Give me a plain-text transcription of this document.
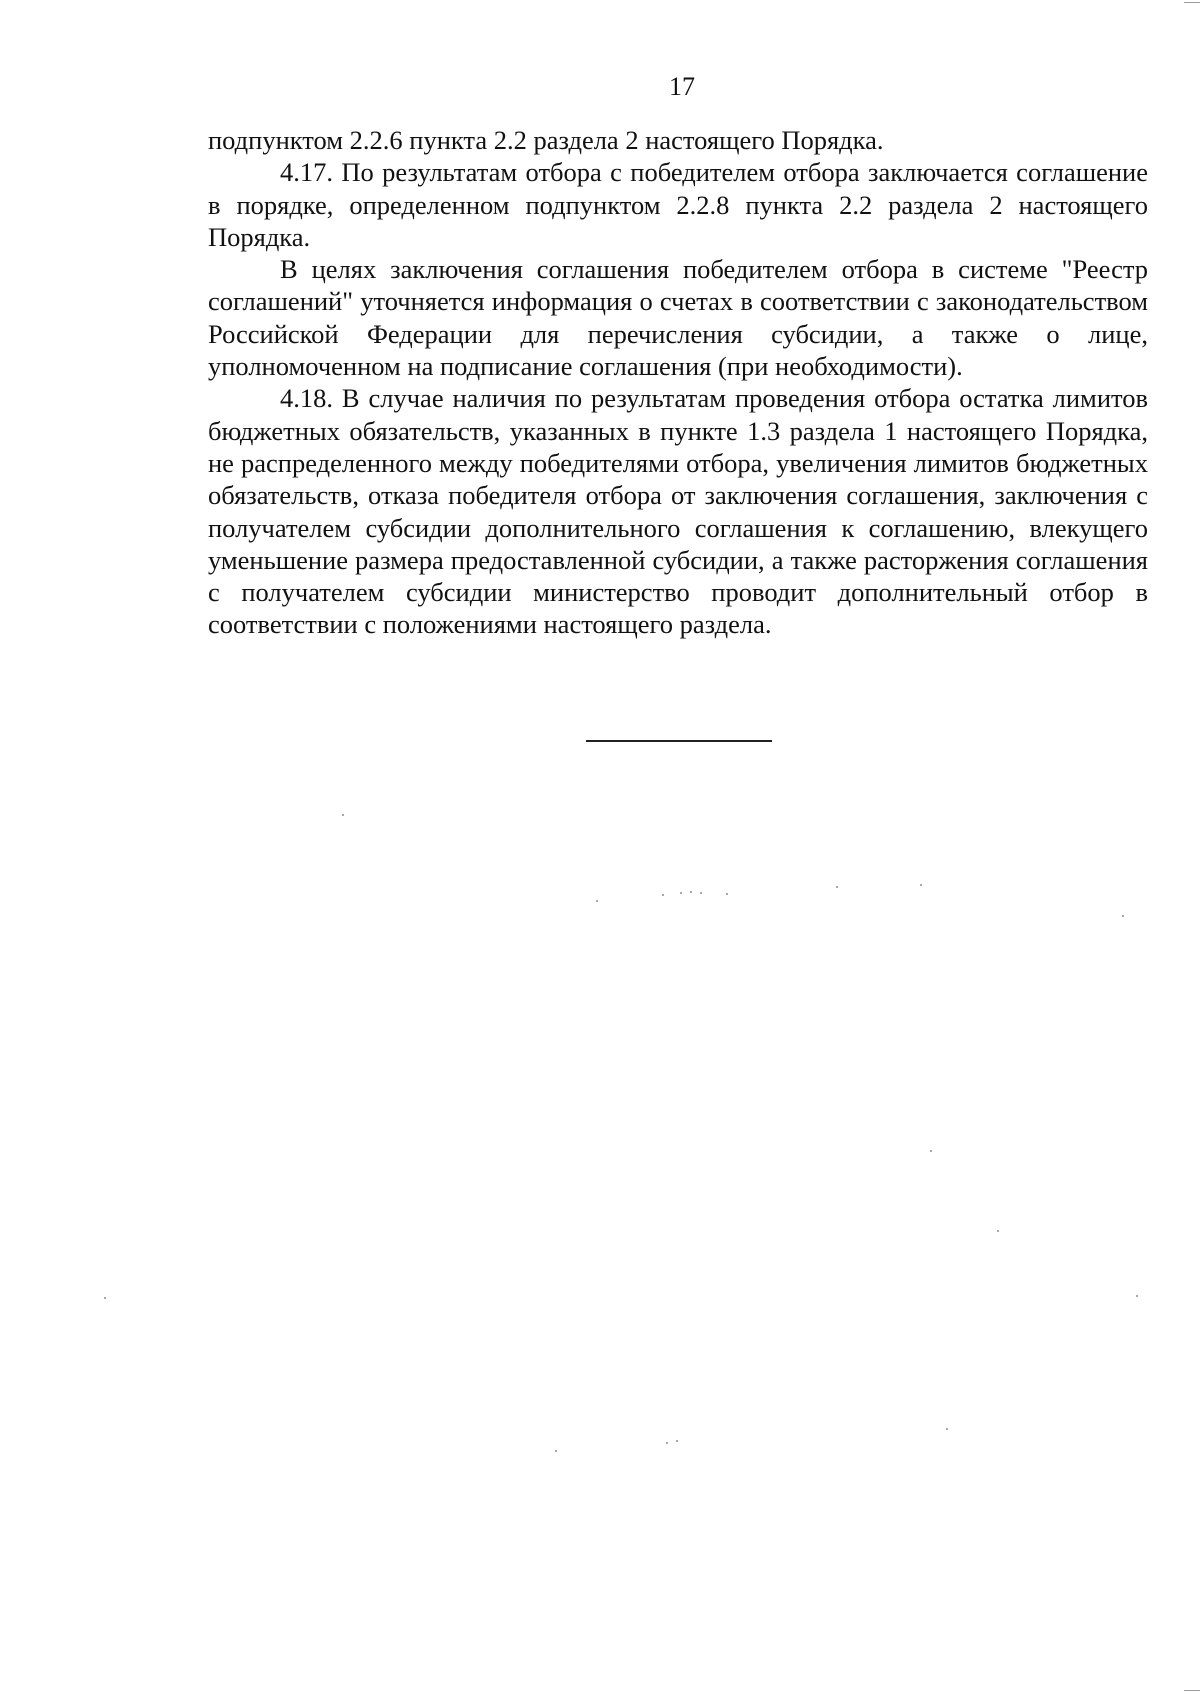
17

подпунктом 2.2.6 пункта 2.2 раздела 2 настоящего Порядка.

4.17. По результатам отбора с победителем отбора заключается соглашение в порядке, определенном подпунктом 2.2.8 пункта 2.2 раздела 2 настоящего Порядка.

В целях заключения соглашения победителем отбора в системе "Реестр соглашений" уточняется информация о счетах в соответствии с законодательством Российской Федерации для перечисления субсидии, а также о лице, уполномоченном на подписание соглашения (при необходимости).

4.18. В случае наличия по результатам проведения отбора остатка лимитов бюджетных обязательств, указанных в пункте 1.3 раздела 1 настоящего Порядка, не распределенного между победителями отбора, увеличения лимитов бюджетных обязательств, отказа победителя отбора от заключения соглашения, заключения с получателем субсидии дополнительного соглашения к соглашению, влекущего уменьшение размера предоставленной субсидии, а также расторжения соглашения с получателем субсидии министерство проводит дополнительный отбор в соответствии с положениями настоящего раздела.
